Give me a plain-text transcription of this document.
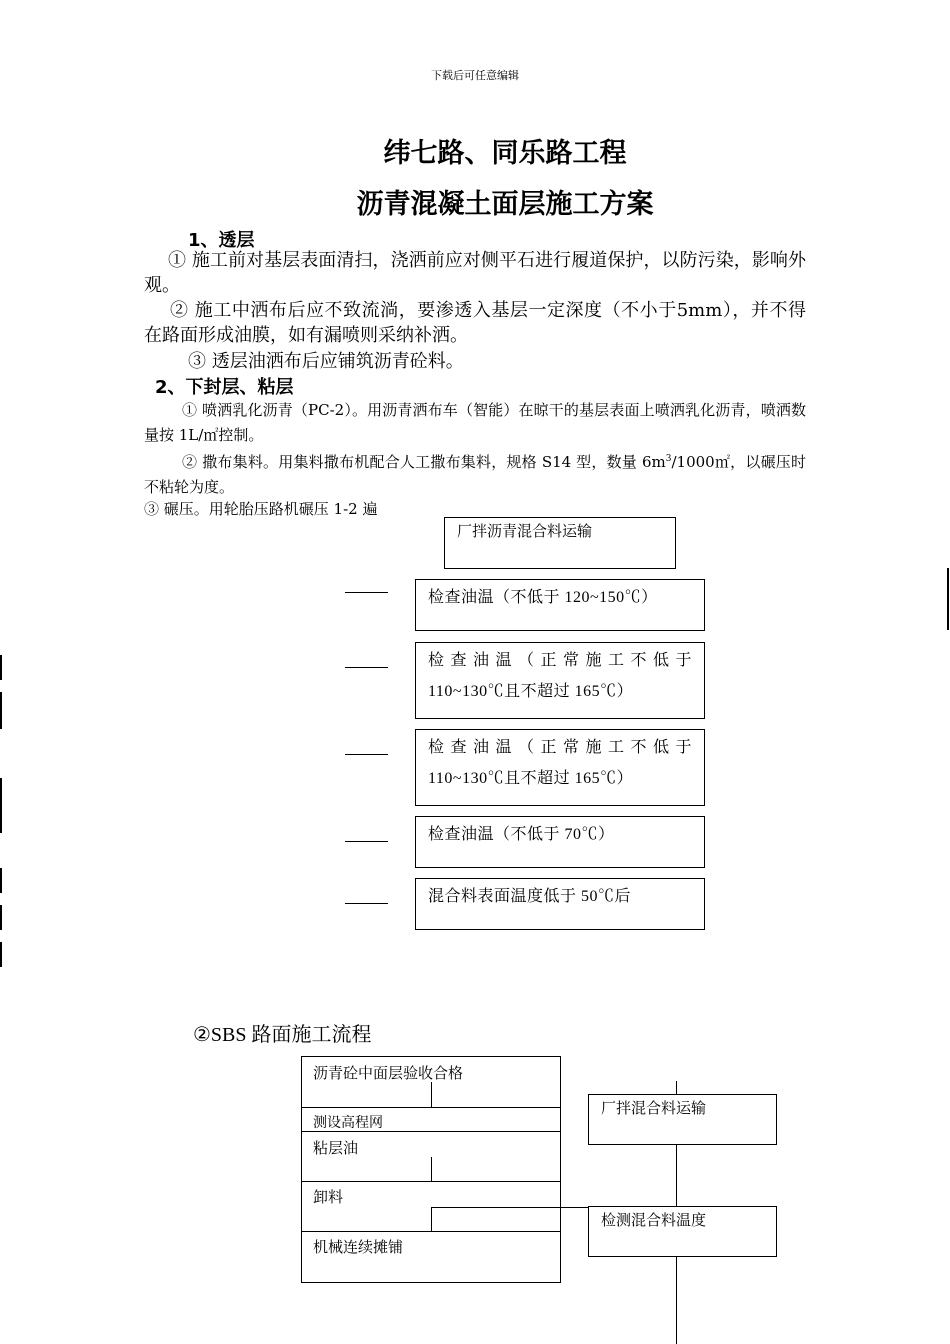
下载后可任意编辑
纬七路、同乐路工程
沥青混凝土面层施工方案
1、透层
① 施工前对基层表面清扫，浇洒前应对侧平石进行履道保护，以防污染，影响外观。
② 施工中洒布后应不致流淌，要渗透入基层一定深度（不小于5mm），并不得在路面形成油膜，如有漏喷则采纳补洒。
③ 透层油洒布后应铺筑沥青砼料。
2、下封层、粘层
① 喷洒乳化沥青（PC-2）。用沥青洒布车（智能）在晾干的基层表面上喷洒乳化沥青，喷洒数量按 1L/㎡控制。
② 撒布集料。用集料撒布机配合人工撒布集料，规格 S14 型，数量 $6m^3/1000㎡$，以碾压时不粘轮为度。
③ 碾压。用轮胎压路机碾压 1-2 遍
厂拌沥青混合料运输
检查油温（不低于 120~150℃）
检查油温（正常施工不低于110~130℃且不超过 165℃）
检查油温（正常施工不低于110~130℃且不超过 165℃）
检查油温（不低于 70℃）
混合料表面温度低于 50℃后
②SBS 路面施工流程
沥青砼中面层验收合格
测设高程网
粘层油
卸料
机械连续摊铺
厂拌混合料运输
检测混合料温度
